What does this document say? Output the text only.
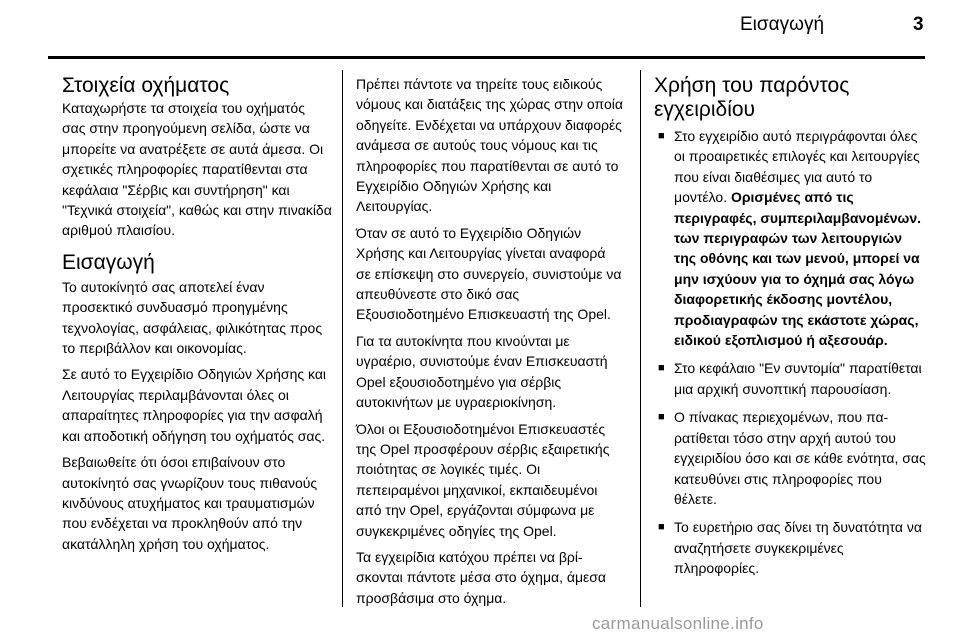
Εισαγωγή	3
Στοιχεία οχήματος

Καταχωρήστε τα στοιχεία του οχήματός σας στην προηγούμενη σελίδα, ώστε να μπορείτε να ανατρέξετε σε αυτά άμεσα. Οι σχετικές πληροφορίες παρατίθενται στα κεφάλαια "Σέρβις και συντήρηση" και "Τεχνικά στοιχεία", καθώς και στην πινακίδα αριθμού πλαισίου.

Εισαγωγή

Το αυτοκίνητό σας αποτελεί έναν προσεκτικό συνδυασμό προηγμένης τεχνολογίας, ασφάλειας, φιλικότητας προς το περιβάλλον και οικονομίας.

Σε αυτό το Εγχειρίδιο Οδηγιών Χρήσης και Λειτουργίας περιλαμβάνονται όλες οι απαραίτητες πληροφορίες για την ασφαλή και αποδοτική οδήγηση του οχήματός σας.

Βεβαιωθείτε ότι όσοι επιβαίνουν στο αυτοκίνητό σας γνωρίζουν τους πιθανούς κινδύνους ατυχήματος και τραυματισμών που ενδέχεται να προκληθούν από την ακατάλληλη χρήση του οχήματος.

Πρέπει πάντοτε να τηρείτε τους ειδικούς νόμους και διατάξεις της χώρας στην οποία οδηγείτε. Ενδέχεται να υπάρχουν διαφορές ανάμεσα σε αυτούς τους νόμους και τις πληροφορίες που παρατίθενται σε αυτό το Εγχειρίδιο Οδηγιών Χρήσης και Λειτουργίας.

Όταν σε αυτό το Εγχειρίδιο Οδηγιών Χρήσης και Λειτουργίας γίνεται αναφορά σε επίσκεψη στο συνεργείο, συνιστούμε να απευθύνεστε στο δικό σας Εξουσιοδοτημένο Επισκευαστή της Opel.

Για τα αυτοκίνητα που κινούνται με υγραέριο, συνιστούμε έναν Επισκευαστή Opel εξουσιοδοτημένο για σέρβις αυτοκινήτων με υγραεριοκίνηση.

Όλοι οι Εξουσιοδοτημένοι Επισκευαστές της Opel προσφέρουν σέρβις εξαιρετικής ποιότητας σε λογικές τιμές. Οι πεπειραμένοι μηχανικοί, εκπαιδευμένοι από την Opel, εργάζονται σύμφωνα με συγκεκριμένες οδηγίες της Opel.

Τα εγχειρίδια κατόχου πρέπει να βρίσκονται πάντοτε μέσα στο όχημα, άμεσα προσβάσιμα στο όχημα.

Χρήση του παρόντος εγχειριδίου
■ Στο εγχειρίδιο αυτό περιγράφονται όλες οι προαιρετικές επιλογές και λειτουργίες που είναι διαθέσιμες για αυτό το μοντέλο. Ορισμένες από τις περιγραφές, συμπεριλαμβανομένων. των περιγραφών των λειτουργιών της οθόνης και των μενού, μπορεί να μην ισχύουν για το όχημά σας λόγω διαφορετικής έκδοσης μοντέλου, προδιαγραφών της εκάστοτε χώρας, ειδικού εξοπλισμού ή αξεσουάρ.

■ Στο κεφάλαιο "Εν συντομία" παρατίθεται μια αρχική συνοπτική παρουσίαση.

■ Ο πίνακας περιεχομένων, που παρατίθεται τόσο στην αρχή αυτού του εγχειριδίου όσο και σε κάθε ενότητα, σας κατευθύνει στις πληροφορίες που θέλετε.

■ Το ευρετήριο σας δίνει τη δυνατότητα να αναζητήσετε συγκεκριμένες πληροφορίες.

carmanualsonline.info
